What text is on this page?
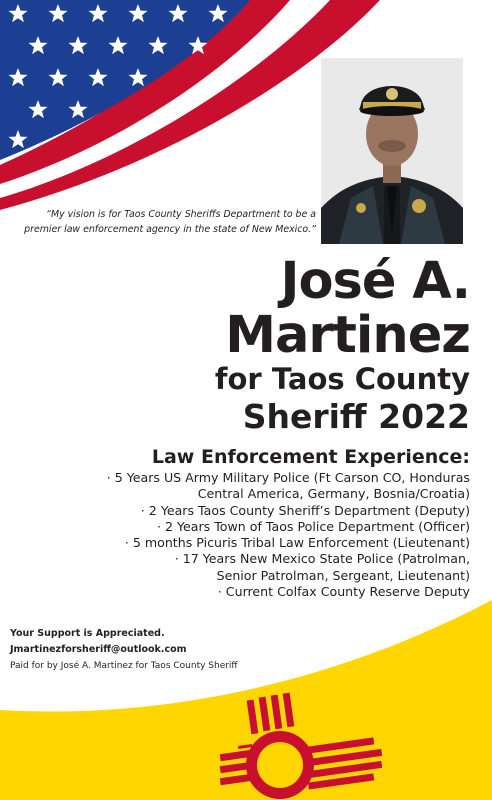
“My vision is for Taos County Sheriffs Department to be a premier law enforcement agency in the state of New Mexico.”
José A.
Martinez
for Taos County
Sheriff 2022
Law Enforcement Experience:
· 5 Years US Army Military Police (Ft Carson CO, Honduras
Central America, Germany, Bosnia/Croatia)
· 2 Years Taos County Sheriff’s Department (Deputy)
· 2 Years Town of Taos Police Department (Officer)
· 5 months Picuris Tribal Law Enforcement (Lieutenant)
· 17 Years New Mexico State Police (Patrolman,
Senior Patrolman, Sergeant, Lieutenant)
· Current Colfax County Reserve Deputy
Your Support is Appreciated.
Jmartinezforsheriff@outlook.com
Paid for by José A. Martinez for Taos County Sheriff
